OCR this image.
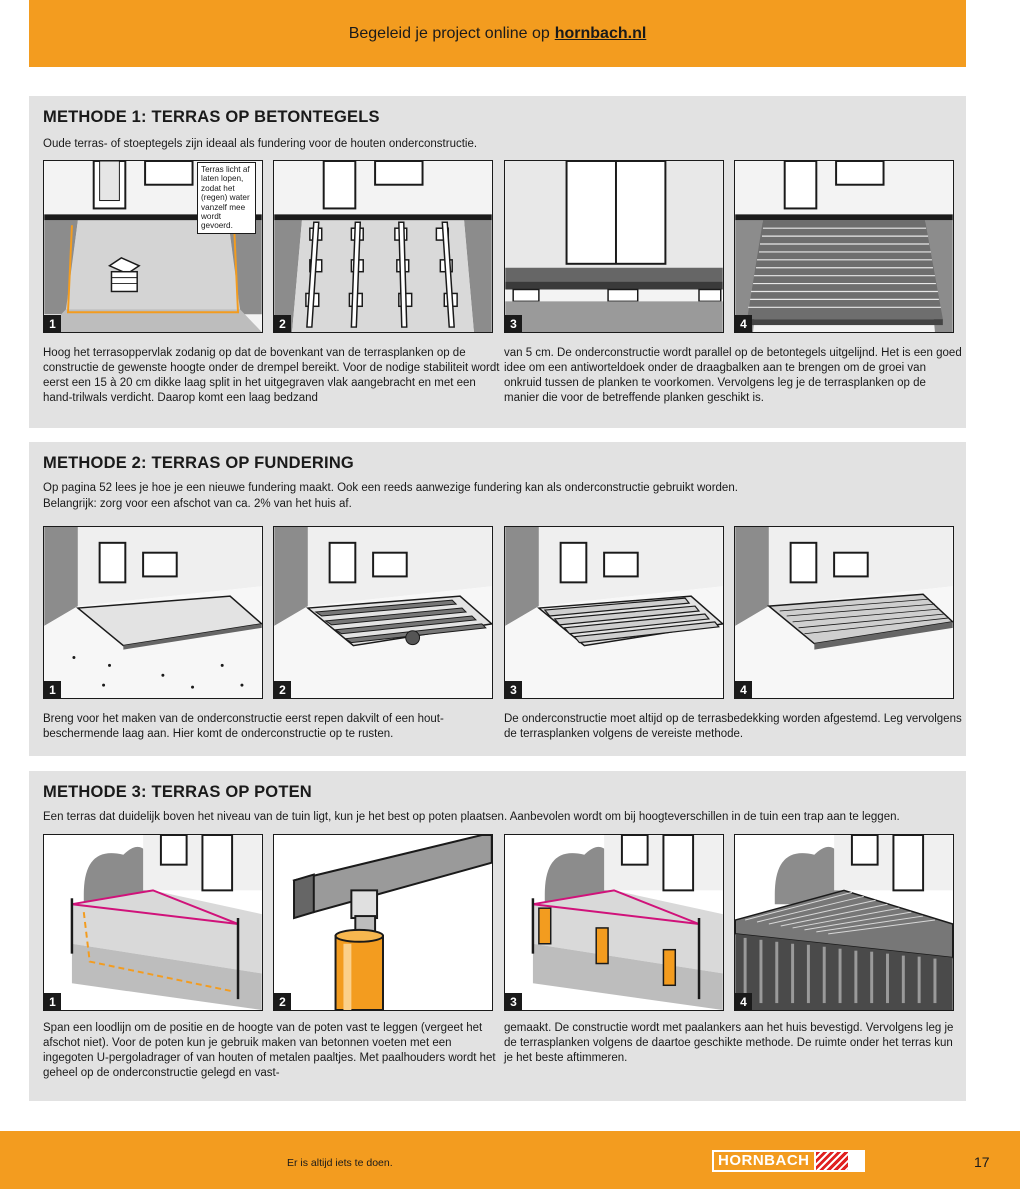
Begeleid je project online op hornbach.nl
METHODE 1: TERRAS OP BETONTEGELS
Oude terras- of stoeptegels zijn ideaal als fundering voor de houten onderconstructie.
Terras licht af laten lopen, zodat het (regen) water vanzelf mee wordt gevoerd.
1	2	3	4
Hoog het terrasoppervlak zodanig op dat de bovenkant van de terrasplanken op de constructie de gewenste hoogte onder de drempel bereikt. Voor de nodige stabiliteit wordt eerst een 15 à 20 cm dikke laag split in het uitgegraven vlak aangebracht en met een hand-trilwals verdicht. Daarop komt een laag bedzand
van 5 cm. De onderconstructie wordt parallel op de betontegels uitgelijnd. Het is een goed idee om een antiworteldoek onder de draagbalken aan te brengen om de groei van onkruid tussen de planken te voorkomen. Vervolgens leg je de terrasplanken op de manier die voor de betreffende planken geschikt is.
METHODE 2: TERRAS OP FUNDERING
Op pagina 52 lees je hoe je een nieuwe fundering maakt. Ook een reeds aanwezige fundering kan als onderconstructie gebruikt worden.
Belangrijk: zorg voor een afschot van ca. 2% van het huis af.
1	2	3	4
Breng voor het maken van de onderconstructie eerst repen dakvilt of een hout-beschermende laag aan. Hier komt de onderconstructie op te rusten.
De onderconstructie moet altijd op de terrasbedekking worden afgestemd. Leg vervolgens de terrasplanken volgens de vereiste methode.
METHODE 3: TERRAS OP POTEN
Een terras dat duidelijk boven het niveau van de tuin ligt, kun je het best op poten plaatsen. Aanbevolen wordt om bij hoogteverschillen in de tuin een trap aan te leggen.
1	2	3	4
Span een loodlijn om de positie en de hoogte van de poten vast te leggen (vergeet het afschot niet). Voor de poten kun je gebruik maken van betonnen voeten met een ingegoten U-pergoladrager of van houten of metalen paaltjes. Met paalhouders wordt het geheel op de onderconstructie gelegd en vast-
gemaakt. De constructie wordt met paalankers aan het huis bevestigd. Vervolgens leg je de terrasplanken volgens de daartoe geschikte methode. De ruimte onder het terras kun je het beste aftimmeren.
Er is altijd iets te doen.	HORNBACH	17
